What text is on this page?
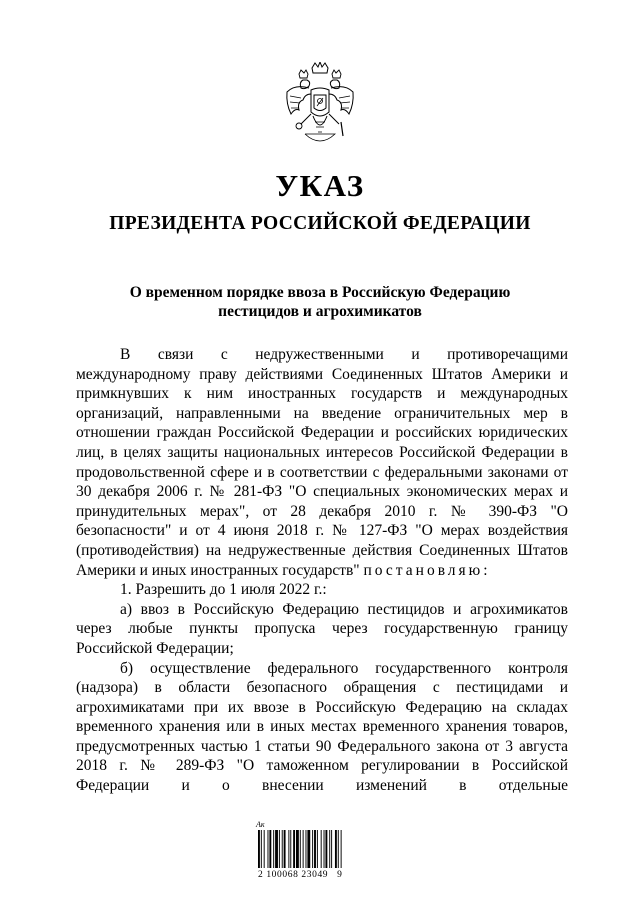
УКАЗ
ПРЕЗИДЕНТА РОССИЙСКОЙ ФЕДЕРАЦИИ
О временном порядке ввоза в Российскую Федерацию
пестицидов и агрохимикатов

В связи с недружественными и противоречащими международному праву действиями Соединенных Штатов Америки и примкнувших к ним иностранных государств и международных организаций, направленными на введение ограничительных мер в отношении граждан Российской Федерации и российских юридических лиц, в целях защиты национальных интересов Российской Федерации в продовольственной сфере и в соответствии с федеральными законами от 30 декабря 2006 г. № 281-ФЗ "О специальных экономических мерах и принудительных мерах", от 28 декабря 2010 г. № 390-ФЗ "О безопасности" и от 4 июня 2018 г. № 127-ФЗ "О мерах воздействия (противодействия) на недружественные действия Соединенных Штатов Америки и иных иностранных государств" постановляю:

1. Разрешить до 1 июля 2022 г.:

а) ввоз в Российскую Федерацию пестицидов и агрохимикатов через любые пункты пропуска через государственную границу Российской Федерации;

б) осуществление федерального государственного контроля (надзора) в области безопасного обращения с пестицидами и агрохимикатами при их ввозе в Российскую Федерацию на складах временного хранения или в иных местах временного хранения товаров, предусмотренных частью 1 статьи 90 Федерального закона от 3 августа 2018 г. № 289-ФЗ "О таможенном регулировании в Российской Федерации и о внесении изменений в отдельные

Ак
2 100068 23049   9
